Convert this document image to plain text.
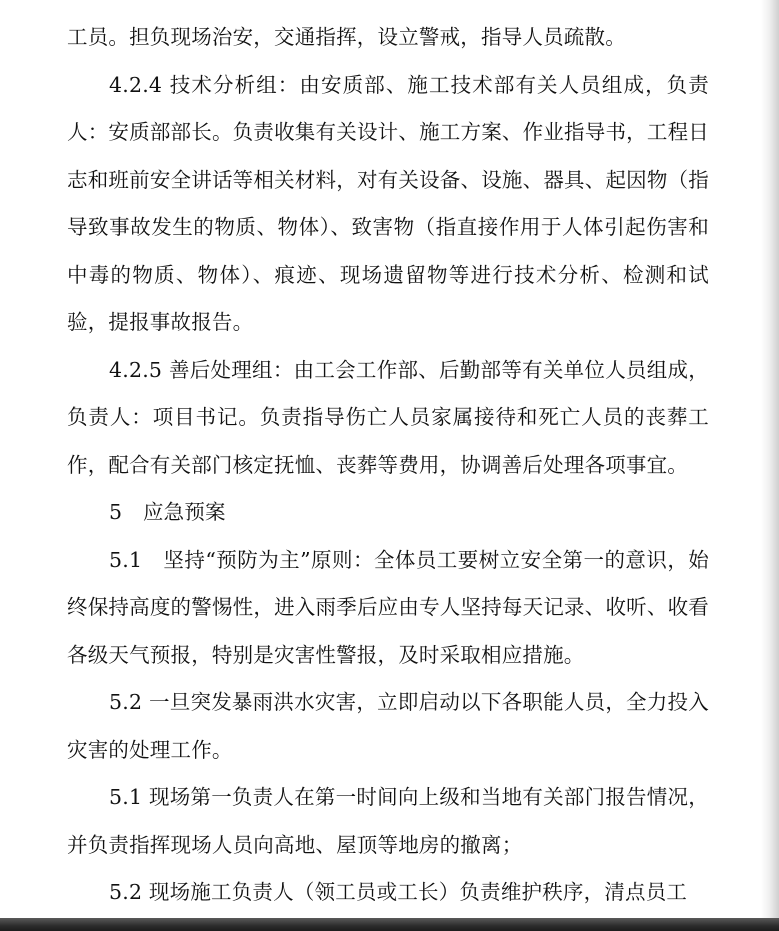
工员。担负现场治安，交通指挥，设立警戒，指导人员疏散。

4.2.4 技术分析组：由安质部、施工技术部有关人员组成，负责人：安质部部长。负责收集有关设计、施工方案、作业指导书，工程日志和班前安全讲话等相关材料，对有关设备、设施、器具、起因物（指导致事故发生的物质、物体）、致害物（指直接作用于人体引起伤害和中毒的物质、物体）、痕迹、现场遗留物等进行技术分析、检测和试验，提报事故报告。

4.2.5 善后处理组：由工会工作部、后勤部等有关单位人员组成，负责人：项目书记。负责指导伤亡人员家属接待和死亡人员的丧葬工作，配合有关部门核定抚恤、丧葬等费用，协调善后处理各项事宜。

5　应急预案

5.1　坚持“预防为主”原则：全体员工要树立安全第一的意识，始终保持高度的警惕性，进入雨季后应由专人坚持每天记录、收听、收看各级天气预报，特别是灾害性警报，及时采取相应措施。

5.2 一旦突发暴雨洪水灾害，立即启动以下各职能人员，全力投入灾害的处理工作。

5.1 现场第一负责人在第一时间向上级和当地有关部门报告情况，并负责指挥现场人员向高地、屋顶等地房的撤离；

5.2 现场施工负责人（领工员或工长）负责维护秩序，清点员工
